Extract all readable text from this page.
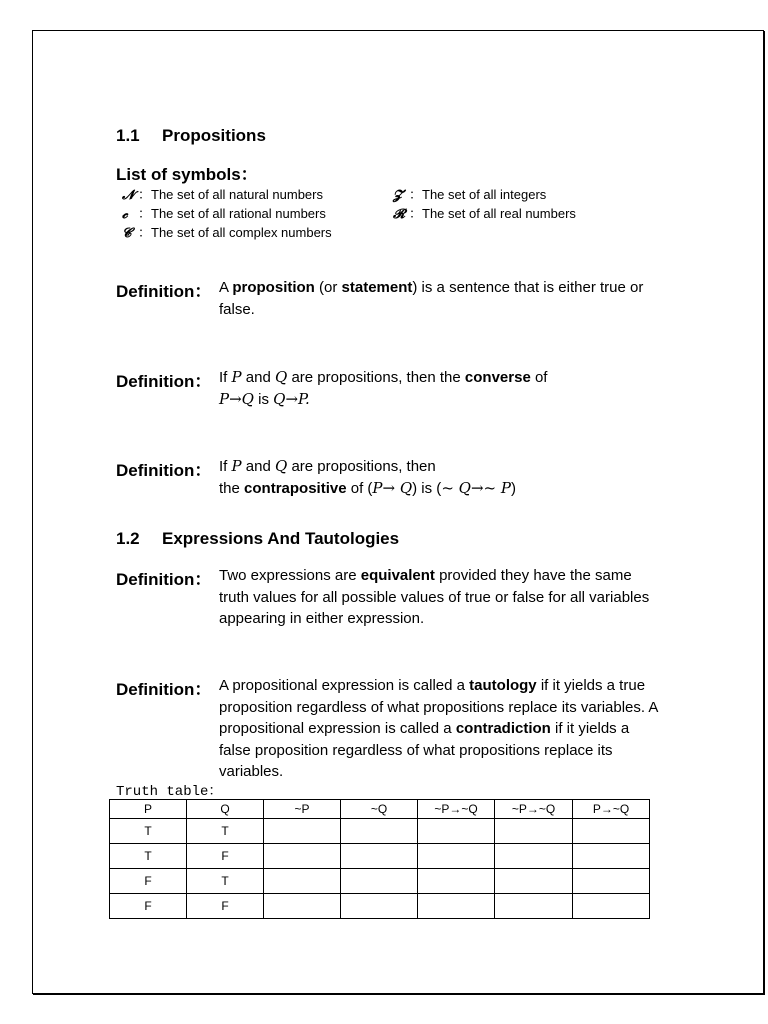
1.1 Propositions
List of symbols：
𝓝 ：The set of all natural numbers	𝓩 ：The set of all integers
𝓬 ：The set of all rational numbers	𝓡 ：The set of all real numbers
𝓒 ：The set of all complex numbers
Definition： A proposition (or statement) is a sentence that is either true or false.
Definition： If P and Q are propositions, then the converse of
P→Q is Q→P.
Definition： If P and Q are propositions, then
the contrapositive of (P→ Q) is (~ Q→~ P)
1.2 Expressions And Tautologies
Definition： Two expressions are equivalent provided they have the same truth values for all possible values of true or false for all variables appearing in either expression.
Definition： A propositional expression is called a tautology if it yields a true proposition regardless of what propositions replace its variables. A propositional expression is called a contradiction if it yields a false proposition regardless of what propositions replace its variables.
Truth table：
P	Q	~P	~Q	~P→~Q	~P→~Q	P→~Q
T	T					
T	F					
F	T					
F	F					
